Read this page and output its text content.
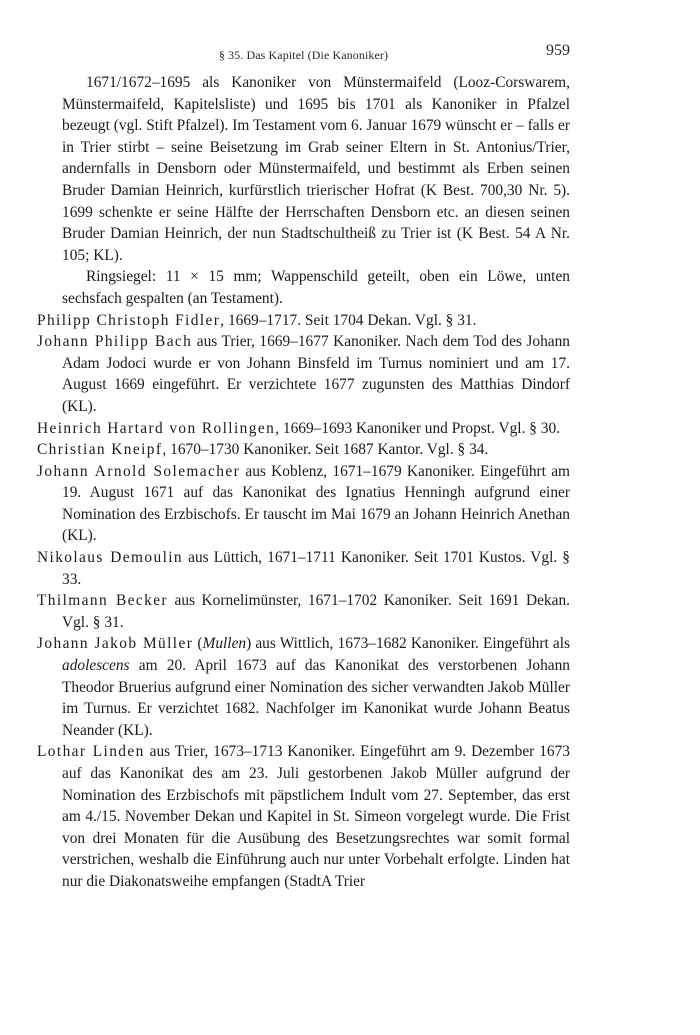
§ 35. Das Kapitel (Die Kanoniker)	959

1671/1672–1695 als Kanoniker von Münstermaifeld (Looz-Corswarem, Münstermaifeld, Kapitelsliste) und 1695 bis 1701 als Kanoniker in Pfalzel bezeugt (vgl. Stift Pfalzel). Im Testament vom 6. Januar 1679 wünscht er – falls er in Trier stirbt – seine Beisetzung im Grab seiner Eltern in St. Antonius/Trier, andernfalls in Densborn oder Münstermaifeld, und bestimmt als Erben seinen Bruder Damian Heinrich, kurfürstlich trierischer Hofrat (K Best. 700,30 Nr. 5). 1699 schenkte er seine Hälfte der Herrschaften Densborn etc. an diesen seinen Bruder Damian Heinrich, der nun Stadtschultheiß zu Trier ist (K Best. 54 A Nr. 105; KL).

Ringsiegel: 11 × 15 mm; Wappenschild geteilt, oben ein Löwe, unten sechsfach gespalten (an Testament).

Philipp Christoph Fidler, 1669–1717. Seit 1704 Dekan. Vgl. § 31.

Johann Philipp Bach aus Trier, 1669–1677 Kanoniker. Nach dem Tod des Johann Adam Jodoci wurde er von Johann Binsfeld im Turnus nominiert und am 17. August 1669 eingeführt. Er verzichtete 1677 zugunsten des Matthias Dindorf (KL).

Heinrich Hartard von Rollingen, 1669–1693 Kanoniker und Propst. Vgl. § 30.

Christian Kneipf, 1670–1730 Kanoniker. Seit 1687 Kantor. Vgl. § 34.

Johann Arnold Solemacher aus Koblenz, 1671–1679 Kanoniker. Eingeführt am 19. August 1671 auf das Kanonikat des Ignatius Henningh aufgrund einer Nomination des Erzbischofs. Er tauscht im Mai 1679 an Johann Heinrich Anethan (KL).

Nikolaus Demoulin aus Lüttich, 1671–1711 Kanoniker. Seit 1701 Kustos. Vgl. § 33.

Thilmann Becker aus Kornelimünster, 1671–1702 Kanoniker. Seit 1691 Dekan. Vgl. § 31.

Johann Jakob Müller (Mullen) aus Wittlich, 1673–1682 Kanoniker. Eingeführt als adolescens am 20. April 1673 auf das Kanonikat des verstorbenen Johann Theodor Bruerius aufgrund einer Nomination des sicher verwandten Jakob Müller im Turnus. Er verzichtet 1682. Nachfolger im Kanonikat wurde Johann Beatus Neander (KL).

Lothar Linden aus Trier, 1673–1713 Kanoniker. Eingeführt am 9. Dezember 1673 auf das Kanonikat des am 23. Juli gestorbenen Jakob Müller aufgrund der Nomination des Erzbischofs mit päpstlichem Indult vom 27. September, das erst am 4./15. November Dekan und Kapitel in St. Simeon vorgelegt wurde. Die Frist von drei Monaten für die Ausübung des Besetzungsrechtes war somit formal verstrichen, weshalb die Einführung auch nur unter Vorbehalt erfolgte. Linden hat nur die Diakonatsweihe empfangen (StadtA Trier
